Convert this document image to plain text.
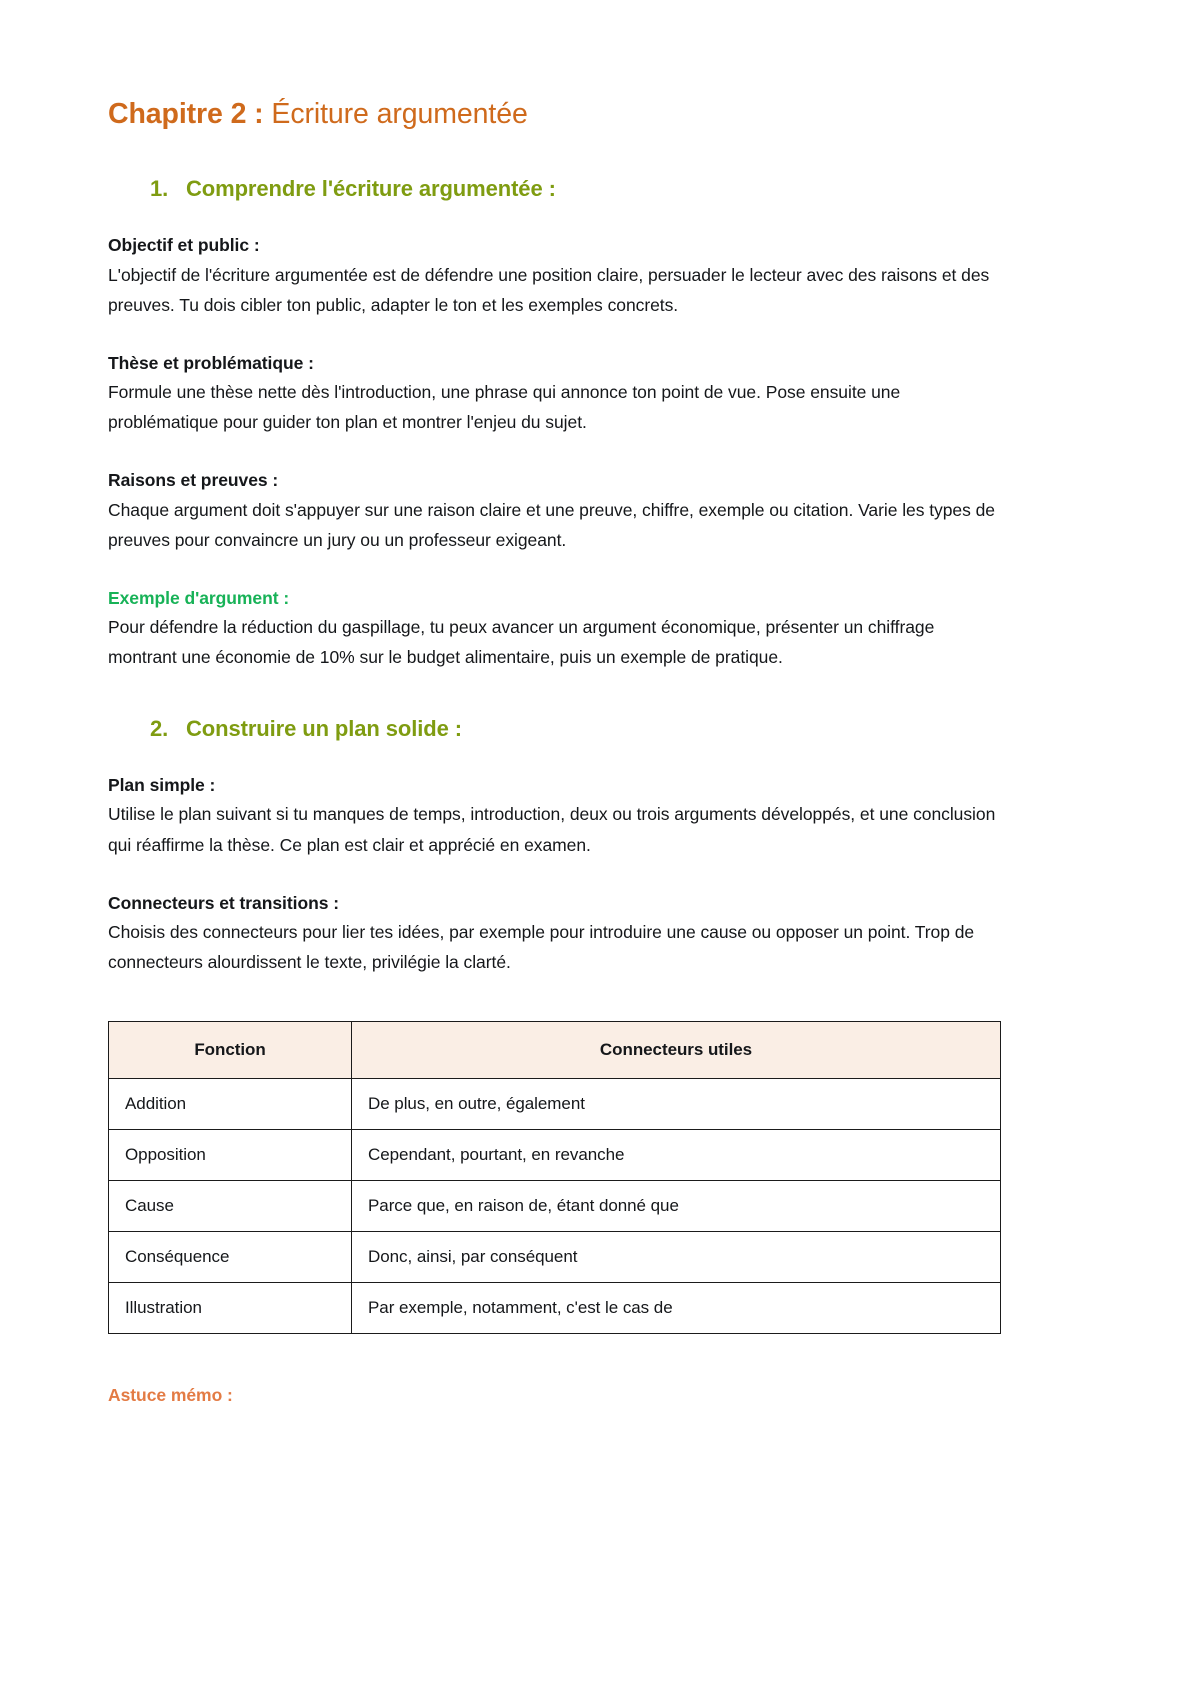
Chapitre 2 : Écriture argumentée
1. Comprendre l'écriture argumentée :
Objectif et public :

L'objectif de l'écriture argumentée est de défendre une position claire, persuader le lecteur avec des raisons et des preuves. Tu dois cibler ton public, adapter le ton et les exemples concrets.

Thèse et problématique :

Formule une thèse nette dès l'introduction, une phrase qui annonce ton point de vue. Pose ensuite une problématique pour guider ton plan et montrer l'enjeu du sujet.

Raisons et preuves :

Chaque argument doit s'appuyer sur une raison claire et une preuve, chiffre, exemple ou citation. Varie les types de preuves pour convaincre un jury ou un professeur exigeant.

Exemple d'argument :

Pour défendre la réduction du gaspillage, tu peux avancer un argument économique, présenter un chiffrage montrant une économie de 10% sur le budget alimentaire, puis un exemple de pratique.

2. Construire un plan solide :
Plan simple :

Utilise le plan suivant si tu manques de temps, introduction, deux ou trois arguments développés, et une conclusion qui réaffirme la thèse. Ce plan est clair et apprécié en examen.

Connecteurs et transitions :

Choisis des connecteurs pour lier tes idées, par exemple pour introduire une cause ou opposer un point. Trop de connecteurs alourdissent le texte, privilégie la clarté.

Fonction	Connecteurs utiles
Addition	De plus, en outre, également
Opposition	Cependant, pourtant, en revanche
Cause	Parce que, en raison de, étant donné que
Conséquence	Donc, ainsi, par conséquent
Illustration	Par exemple, notamment, c'est le cas de
Astuce mémo :
